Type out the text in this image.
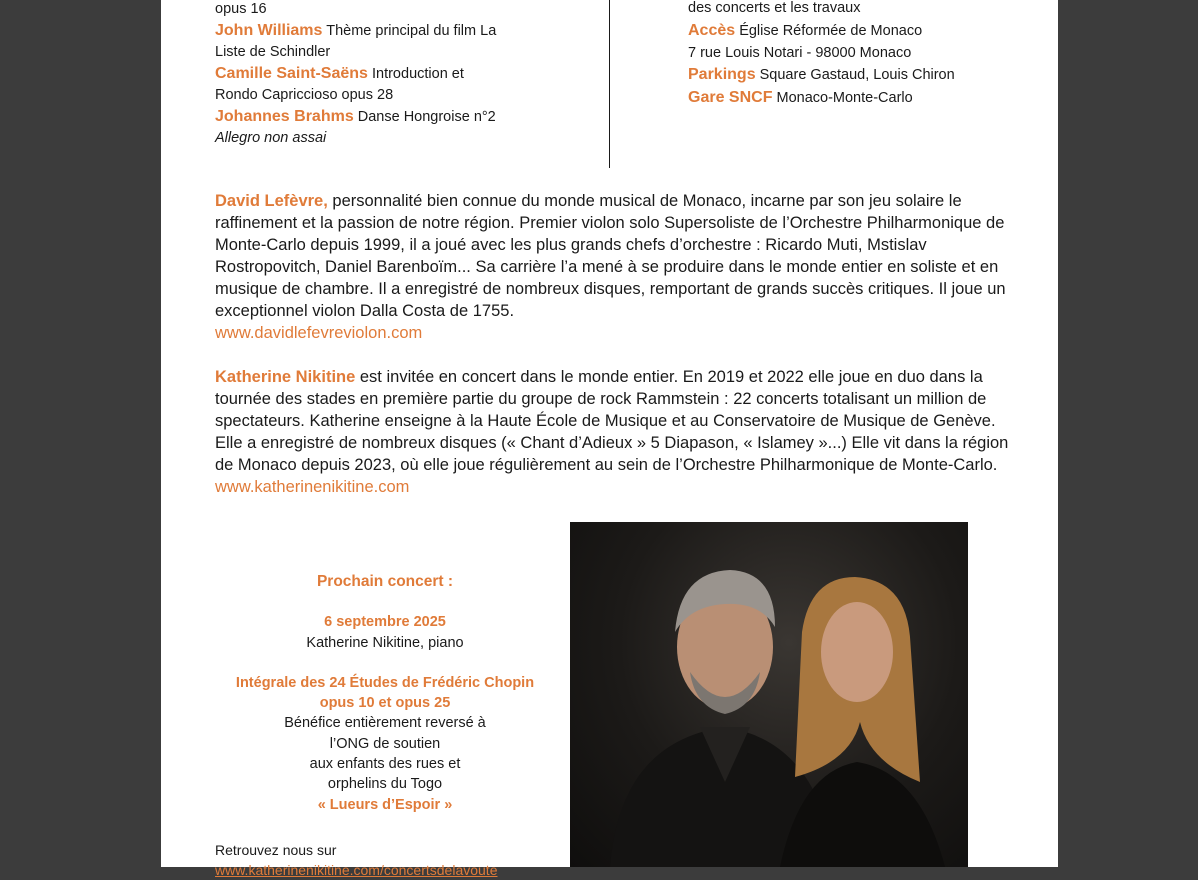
opus 16
John Williams Thème principal du film La
Liste de Schindler
Camille Saint-Saëns Introduction et
Rondo Capriccioso opus 28
Johannes Brahms Danse Hongroise n°2
Allegro non assai
des concerts et les travaux
Accès Église Réformée de Monaco
7 rue Louis Notari - 98000 Monaco
Parkings Square Gastaud, Louis Chiron
Gare SNCF Monaco-Monte-Carlo
David Lefèvre, personnalité bien connue du monde musical de Monaco, incarne par son jeu solaire le raffinement et la passion de notre région. Premier violon solo Supersoliste de l’Orchestre Philharmonique de Monte-Carlo depuis 1999, il a joué avec les plus grands chefs d’orchestre : Ricardo Muti, Mstislav Rostropovitch, Daniel Barenboïm... Sa carrière l’a mené à se produire dans le monde entier en soliste et en musique de chambre. Il a enregistré de nombreux disques, remportant de grands succès critiques. Il joue un exceptionnel violon Dalla Costa de 1755.
www.davidlefevreviolon.com
Katherine Nikitine est invitée en concert dans le monde entier. En 2019 et 2022 elle joue en duo dans la tournée des stades en première partie du groupe de rock Rammstein : 22 concerts totalisant un million de spectateurs. Katherine enseigne à la Haute École de Musique et au Conservatoire de Musique de Genève. Elle a enregistré de nombreux disques (« Chant d’Adieux » 5 Diapason, « Islamey »...) Elle vit dans la région de Monaco depuis 2023, où elle joue régulièrement au sein de l’Orchestre Philharmonique de Monte-Carlo. www.katherinenikitine.com
Prochain concert :
6 septembre 2025
Katherine Nikitine, piano
Intégrale des 24 Études de Frédéric Chopin
opus 10 et opus 25
Bénéfice entièrement reversé à
l’ONG de soutien
aux enfants des rues et
orphelins du Togo
« Lueurs d’Espoir »
Retrouvez nous sur
www.katherinenikitine.com/concertsdelavoute
